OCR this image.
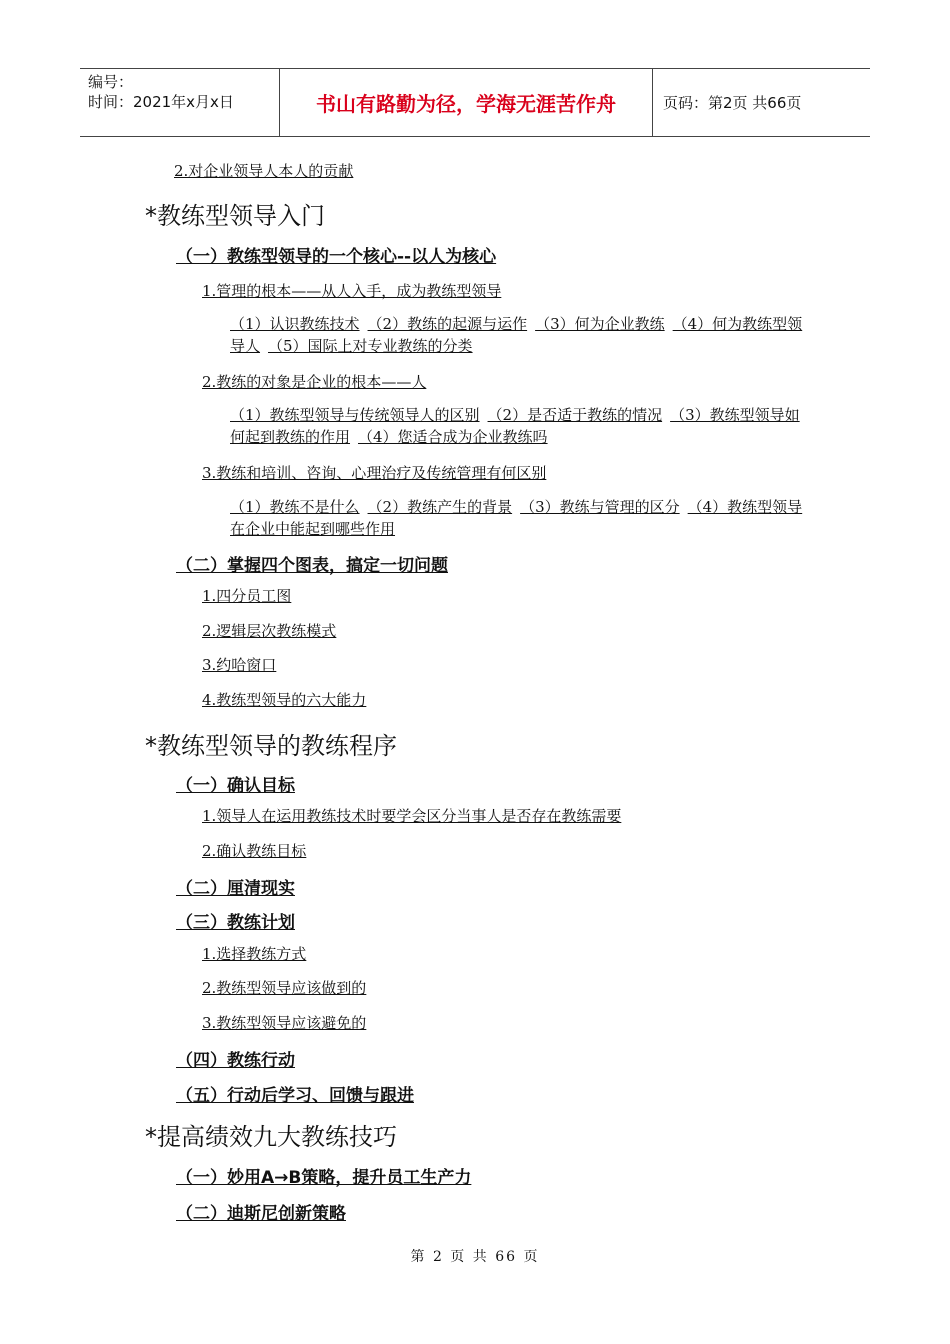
编号：
时间：2021年x月x日	书山有路勤为径，学海无涯苦作舟	页码：第2页 共66页
2.对企业领导人本人的贡献
*教练型领导入门
（一）教练型领导的一个核心--以人为核心
1.管理的根本——从人入手，成为教练型领导
（1）认识教练技术 （2）教练的起源与运作 （3）何为企业教练 （4）何为教练型领导人 （5）国际上对专业教练的分类
2.教练的对象是企业的根本——人
（1）教练型领导与传统领导人的区别 （2）是否适于教练的情况 （3）教练型领导如何起到教练的作用 （4）您适合成为企业教练吗
3.教练和培训、咨询、心理治疗及传统管理有何区别
（1）教练不是什么 （2）教练产生的背景 （3）教练与管理的区分 （4）教练型领导在企业中能起到哪些作用
（二）掌握四个图表，搞定一切问题
1.四分员工图
2.逻辑层次教练模式
3.约哈窗口
4.教练型领导的六大能力
*教练型领导的教练程序
（一）确认目标
1.领导人在运用教练技术时要学会区分当事人是否存在教练需要
2.确认教练目标
（二）厘清现实
（三）教练计划
1.选择教练方式
2.教练型领导应该做到的
3.教练型领导应该避免的
（四）教练行动
（五）行动后学习、回馈与跟进
*提高绩效九大教练技巧
（一）妙用A→B策略，提升员工生产力
（二）迪斯尼创新策略
第 2 页 共 66 页
